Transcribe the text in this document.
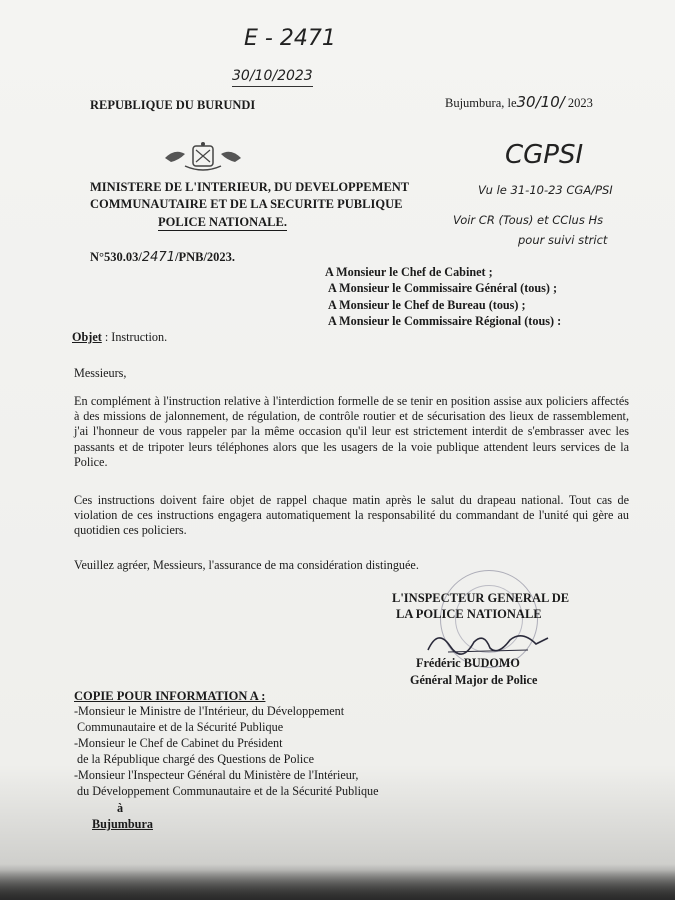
E - 2471
30/10/2023
CGPSI
Vu le 31-10-23 CGA/PSI
Voir CR (Tous) et CClus Hs
pour suivi strict
REPUBLIQUE DU BURUNDI	Bujumbura, le30/10/ 2023
MINISTERE DE L'INTERIEUR, DU DEVELOPPEMENT
COMMUNAUTAIRE ET DE LA SECURITE PUBLIQUE
POLICE NATIONALE.
N°530.03/2471/PNB/2023.
A Monsieur le Chef de Cabinet ;
A Monsieur le Commissaire Général (tous) ;
A Monsieur le Chef de Bureau (tous) ;
A Monsieur le Commissaire Régional (tous) :
Objet : Instruction.
Messieurs,
En complément à l'instruction relative à l'interdiction formelle de se tenir en position assise aux policiers affectés à des missions de jalonnement, de régulation, de contrôle routier et de sécurisation des lieux de rassemblement, j'ai l'honneur de vous rappeler par la même occasion qu'il leur est strictement interdit de s'embrasser avec les passants et de tripoter leurs téléphones alors que les usagers de la voie publique attendent leurs services de la Police.
Ces instructions doivent faire objet de rappel chaque matin après le salut du drapeau national. Tout cas de violation de ces instructions engagera automatiquement la responsabilité du commandant de l'unité qui gère au quotidien ces policiers.
Veuillez agréer, Messieurs, l'assurance de ma considération distinguée.
L'INSPECTEUR GENERAL DE
LA POLICE NATIONALE
Frédéric BUDOMO
Général Major de Police
COPIE POUR INFORMATION A :
-Monsieur le Ministre de l'Intérieur, du Développement
Communautaire et de la Sécurité Publique
-Monsieur le Chef de Cabinet du Président
de la République chargé des Questions de Police
-Monsieur l'Inspecteur Général du Ministère de l'Intérieur,
du Développement Communautaire et de la Sécurité Publique
à
Bujumbura
